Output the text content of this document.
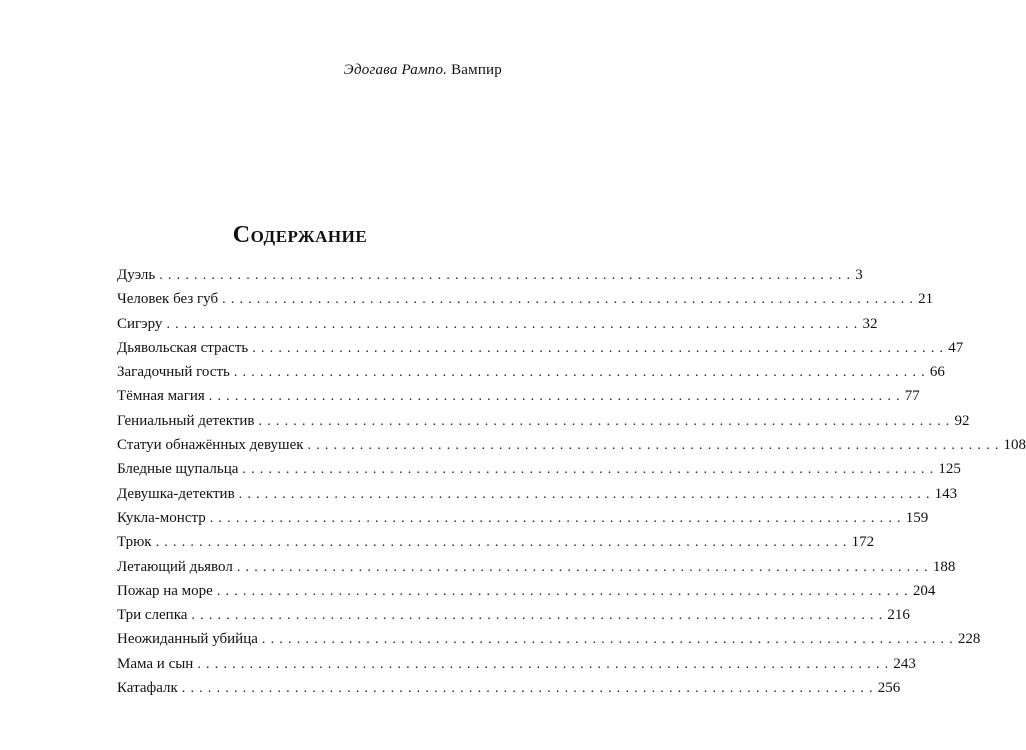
Эдогава Рампо. Вампир
Содержание
Дуэль ................................................................................ 3
Человек без губ ................................................................................ 21
Сигэру ................................................................................ 32
Дьявольская страсть ................................................................................ 47
Загадочный гость ................................................................................ 66
Тёмная магия ................................................................................ 77
Гениальный детектив ................................................................................ 92
Статуи обнажённых девушек ................................................................................ 108
Бледные щупальца ................................................................................ 125
Девушка-детектив ................................................................................ 143
Кукла-монстр ................................................................................ 159
Трюк ................................................................................ 172
Летающий дьявол ................................................................................ 188
Пожар на море ................................................................................ 204
Три слепка ................................................................................ 216
Неожиданный убийца ................................................................................ 228
Мама и сын ................................................................................ 243
Катафалк ................................................................................ 256
